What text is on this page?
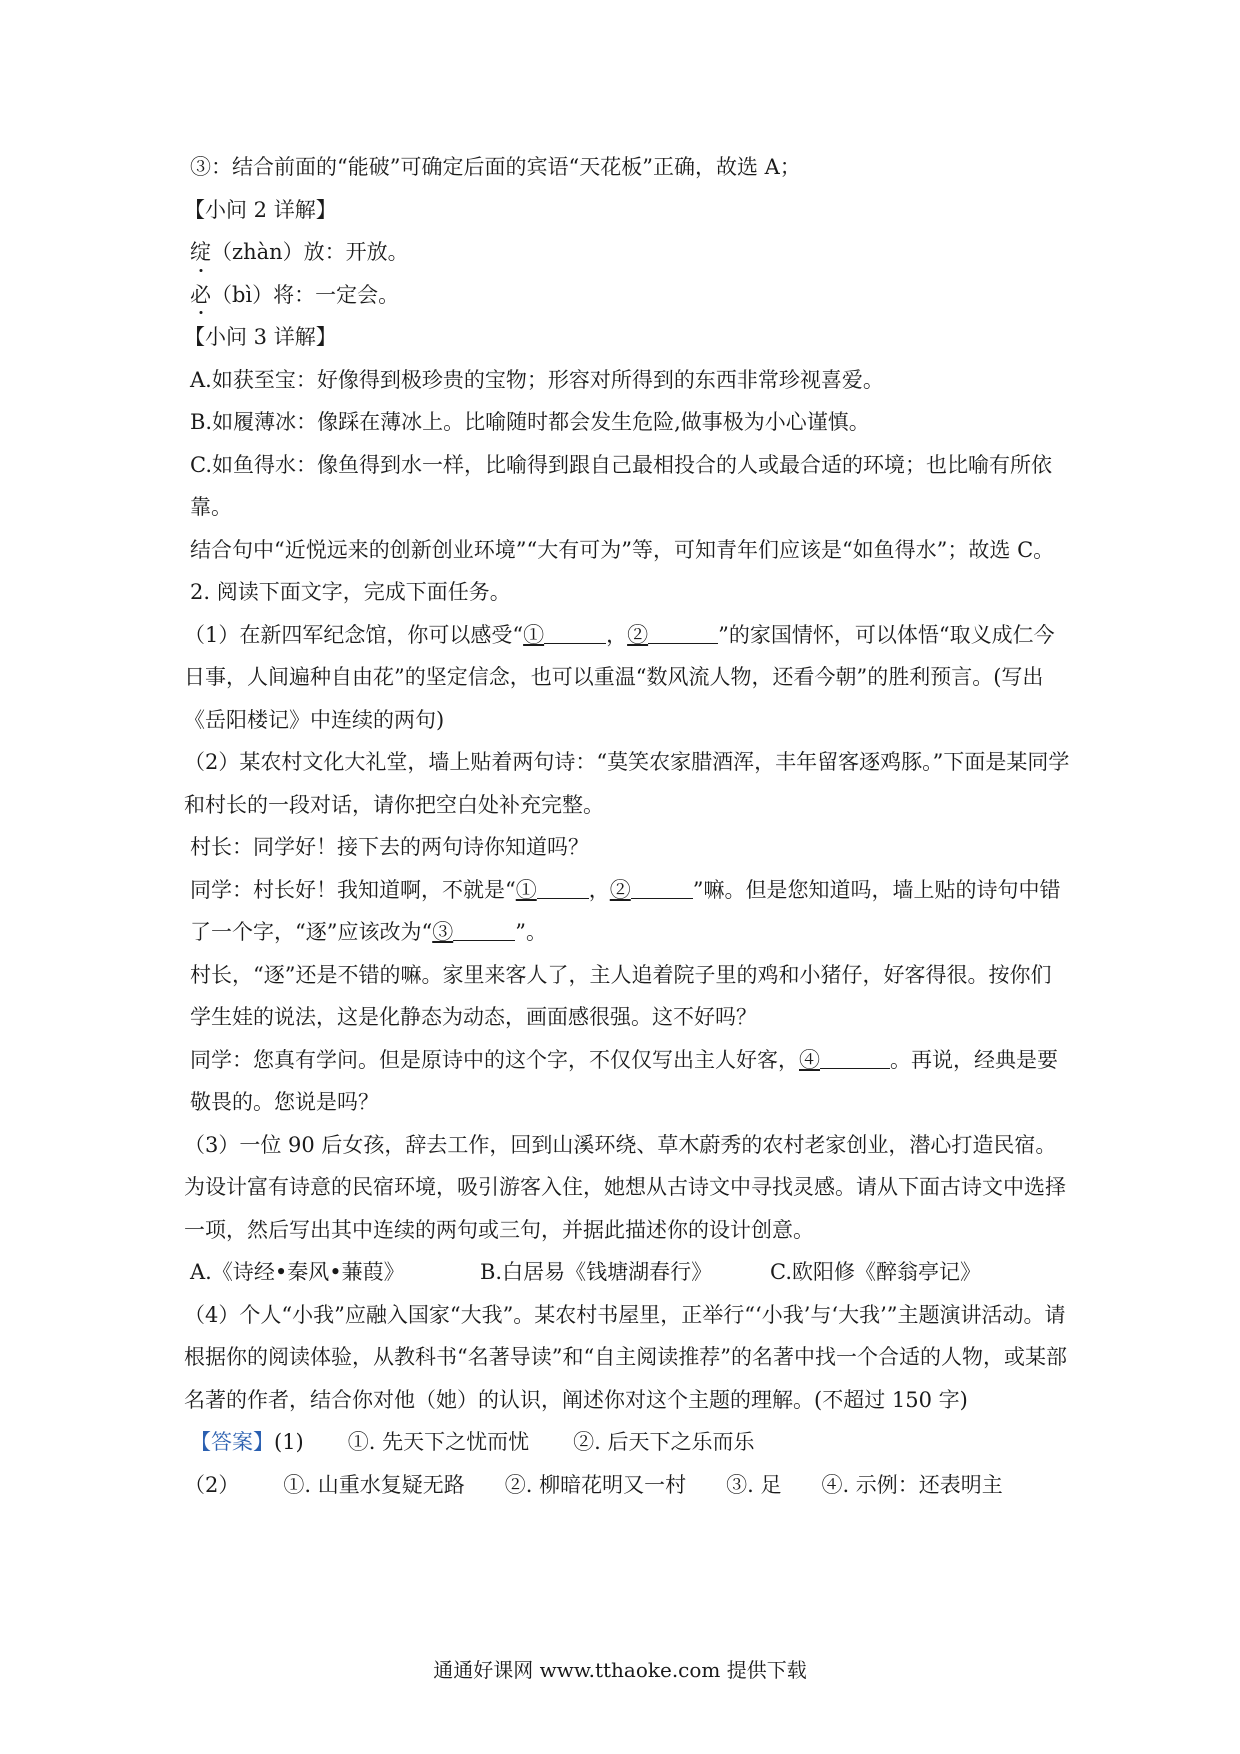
③：结合前面的“能破”可确定后面的宾语“天花板”正确，故选 A；
【小问 2 详解】
绽（zhàn）放：开放。
必（bì）将：一定会。
【小问 3 详解】
A.如获至宝：好像得到极珍贵的宝物；形容对所得到的东西非常珍视喜爱。
B.如履薄冰：像踩在薄冰上。比喻随时都会发生危险,做事极为小心谨慎。
C.如鱼得水：像鱼得到水一样，比喻得到跟自己最相投合的人或最合适的环境；也比喻有所依靠。
结合句中“近悦远来的创新创业环境”“大有可为”等，可知青年们应该是“如鱼得水”；故选 C。
2. 阅读下面文字，完成下面任务。
（1）在新四军纪念馆，你可以感受“①	，②	”的家国情怀，可以体悟“取义成仁今日事，人间遍种自由花”的坚定信念，也可以重温“数风流人物，还看今朝”的胜利预言。(写出《岳阳楼记》中连续的两句)
（2）某农村文化大礼堂，墙上贴着两句诗：“莫笑农家腊酒浑，丰年留客逐鸡豚。”下面是某同学和村长的一段对话，请你把空白处补充完整。
村长：同学好！接下去的两句诗你知道吗？
同学：村长好！我知道啊，不就是“① ，②	”嘛。但是您知道吗，墙上贴的诗句中错了一个字，“逐”应该改为“③	”。
村长，“逐”还是不错的嘛。家里来客人了，主人追着院子里的鸡和小猪仔，好客得很。按你们学生娃的说法，这是化静态为动态，画面感很强。这不好吗？
同学：您真有学问。但是原诗中的这个字，不仅仅写出主人好客，④	。再说，经典是要敬畏的。您说是吗？
（3）一位 90 后女孩，辞去工作，回到山溪环绕、草木蔚秀的农村老家创业，潜心打造民宿。为设计富有诗意的民宿环境，吸引游客入住，她想从古诗文中寻找灵感。请从下面古诗文中选择一项，然后写出其中连续的两句或三句，并据此描述你的设计创意。
A.《诗经•秦风•蒹葭》	B.白居易《钱塘湖春行》	C.欧阳修《醉翁亭记》
（4）个人“小我”应融入国家“大我”。某农村书屋里，正举行“‘小我’与‘大我’”主题演讲活动。请根据你的阅读体验，从教科书“名著导读”和“自主阅读推荐”的名著中找一个合适的人物，或某部名著的作者，结合你对他（她）的认识，阐述你对这个主题的理解。(不超过 150 字)
【答案】(1) ①. 先天下之忧而忧 ②. 后天下之乐而乐
（2） ①. 山重水复疑无路 ②. 柳暗花明又一村 ③. 足 ④. 示例：还表明主
通通好课网 www.tthaoke.com 提供下载
